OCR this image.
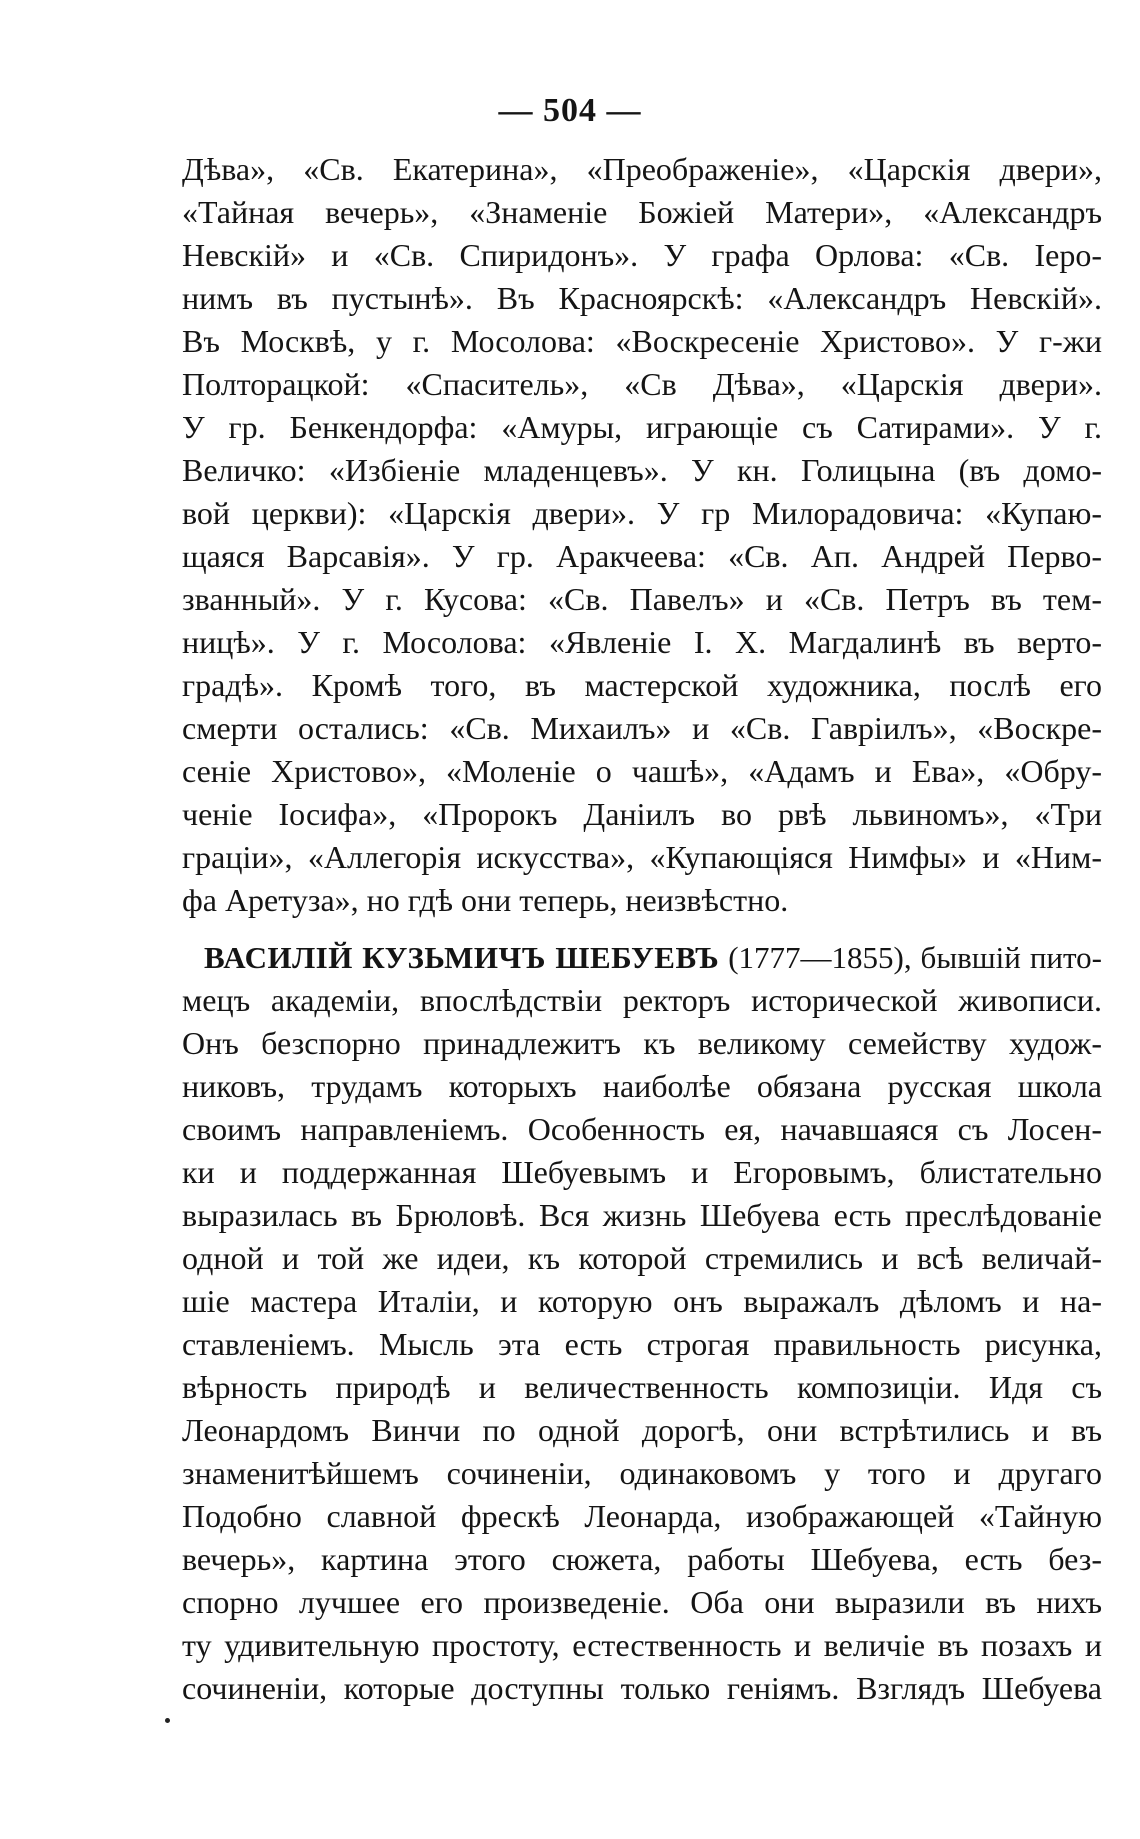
— 504 —
Дѣва», «Св. Екатерина», «Преображеніе», «Царскія двери»,
«Тайная вечерь», «Знаменіе Божіей Матери», «Александръ
Невскій» и «Св. Спиридонъ». У графа Орлова: «Св. Іеро-
нимъ въ пустынѣ». Въ Красноярскѣ: «Александръ Невскій».
Въ Москвѣ, у г. Мосолова: «Воскресеніе Христово». У г-жи
Полторацкой: «Спаситель», «Св Дѣва», «Царскія двери».
У гр. Бенкендорфа: «Амуры, играющіе съ Сатирами». У г.
Величко: «Избіеніе младенцевъ». У кн. Голицына (въ домо-
вой церкви): «Царскія двери». У гр Милорадовича: «Купаю-
щаяся Варсавія». У гр. Аракчеева: «Св. Ап. Андрей Перво-
званный». У г. Кусова: «Св. Павелъ» и «Св. Петръ въ тем-
ницѣ». У г. Мосолова: «Явленіе І. Х. Магдалинѣ въ верто-
градѣ». Кромѣ того, въ мастерской художника, послѣ его
смерти остались: «Св. Михаилъ» и «Св. Гавріилъ», «Воскре-
сеніе Христово», «Моленіе о чашѣ», «Адамъ и Ева», «Обру-
ченіе Іосифа», «Пророкъ Даніилъ во рвѣ львиномъ», «Три
граціи», «Аллегорія искусства», «Купающіяся Нимфы» и «Ним-
фа Аретуза», но гдѣ они теперь, неизвѣстно.
ВАСИЛІЙ КУЗЬМИЧЪ ШЕБУЕВЪ (1777—1855), бывшій пито-
мецъ академіи, впослѣдствіи ректоръ исторической живописи.
Онъ безспорно принадлежитъ къ великому семейству худож-
никовъ, трудамъ которыхъ наиболѣе обязана русская школа
своимъ направленіемъ. Особенность ея, начавшаяся съ Лосен-
ки и поддержанная Шебуевымъ и Егоровымъ, блистательно
выразилась въ Брюловѣ. Вся жизнь Шебуева есть преслѣдованіе
одной и той же идеи, къ которой стремились и всѣ величай-
шіе мастера Италіи, и которую онъ выражалъ дѣломъ и на-
ставленіемъ. Мысль эта есть строгая правильность рисунка,
вѣрность природѣ и величественность композиціи. Идя съ
Леонардомъ Винчи по одной дорогѣ, они встрѣтились и въ
знаменитѣйшемъ сочиненіи, одинаковомъ у того и другаго
Подобно славной фрескѣ Леонарда, изображающей «Тайную
вечерь», картина этого сюжета, работы Шебуева, есть без-
спорно лучшее его произведеніе. Оба они выразили въ нихъ
ту удивительную простоту, естественность и величіе въ позахъ и
сочиненіи, которые доступны только геніямъ. Взглядъ Шебуева
